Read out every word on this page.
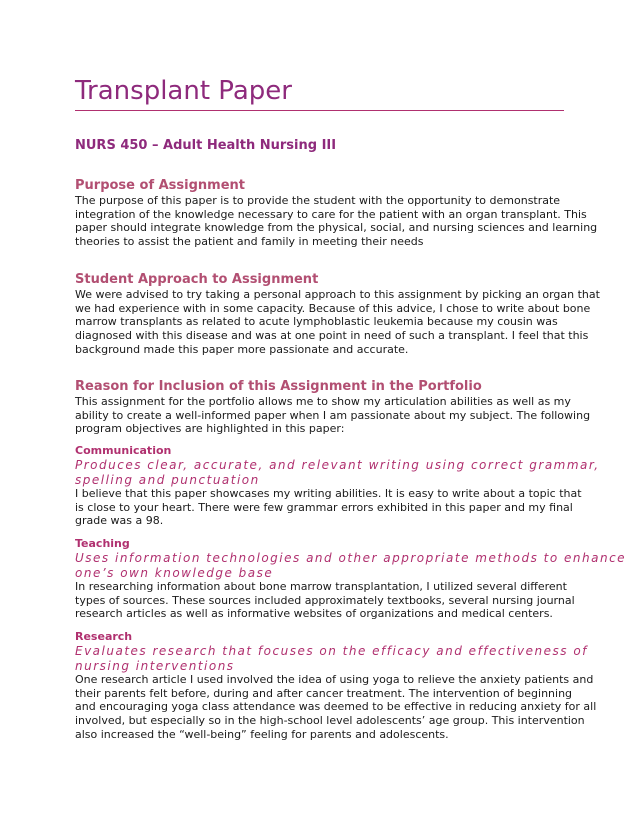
Transplant Paper
NURS 450 – Adult Health Nursing III
Purpose of Assignment

The purpose of this paper is to provide the student with the opportunity to demonstrate
integration of the knowledge necessary to care for the patient with an organ transplant. This
paper should integrate knowledge from the physical, social, and nursing sciences and learning
theories to assist the patient and family in meeting their needs

Student Approach to Assignment

We were advised to try taking a personal approach to this assignment by picking an organ that
we had experience with in some capacity. Because of this advice, I chose to write about bone
marrow transplants as related to acute lymphoblastic leukemia because my cousin was
diagnosed with this disease and was at one point in need of such a transplant. I feel that this
background made this paper more passionate and accurate.

Reason for Inclusion of this Assignment in the Portfolio

This assignment for the portfolio allows me to show my articulation abilities as well as my
ability to create a well-informed paper when I am passionate about my subject. The following
program objectives are highlighted in this paper:

Communication

Produces clear, accurate, and relevant writing using correct grammar,
spelling and punctuation

I believe that this paper showcases my writing abilities. It is easy to write about a topic that
is close to your heart. There were few grammar errors exhibited in this paper and my final
grade was a 98.

Teaching

Uses information technologies and other appropriate methods to enhance
one’s own knowledge base

In researching information about bone marrow transplantation, I utilized several different
types of sources. These sources included approximately textbooks, several nursing journal
research articles as well as informative websites of organizations and medical centers.

Research

Evaluates research that focuses on the efficacy and effectiveness of
nursing interventions

One research article I used involved the idea of using yoga to relieve the anxiety patients and
their parents felt before, during and after cancer treatment. The intervention of beginning
and encouraging yoga class attendance was deemed to be effective in reducing anxiety for all
involved, but especially so in the high-school level adolescents’ age group. This intervention
also increased the “well-being” feeling for parents and adolescents.
